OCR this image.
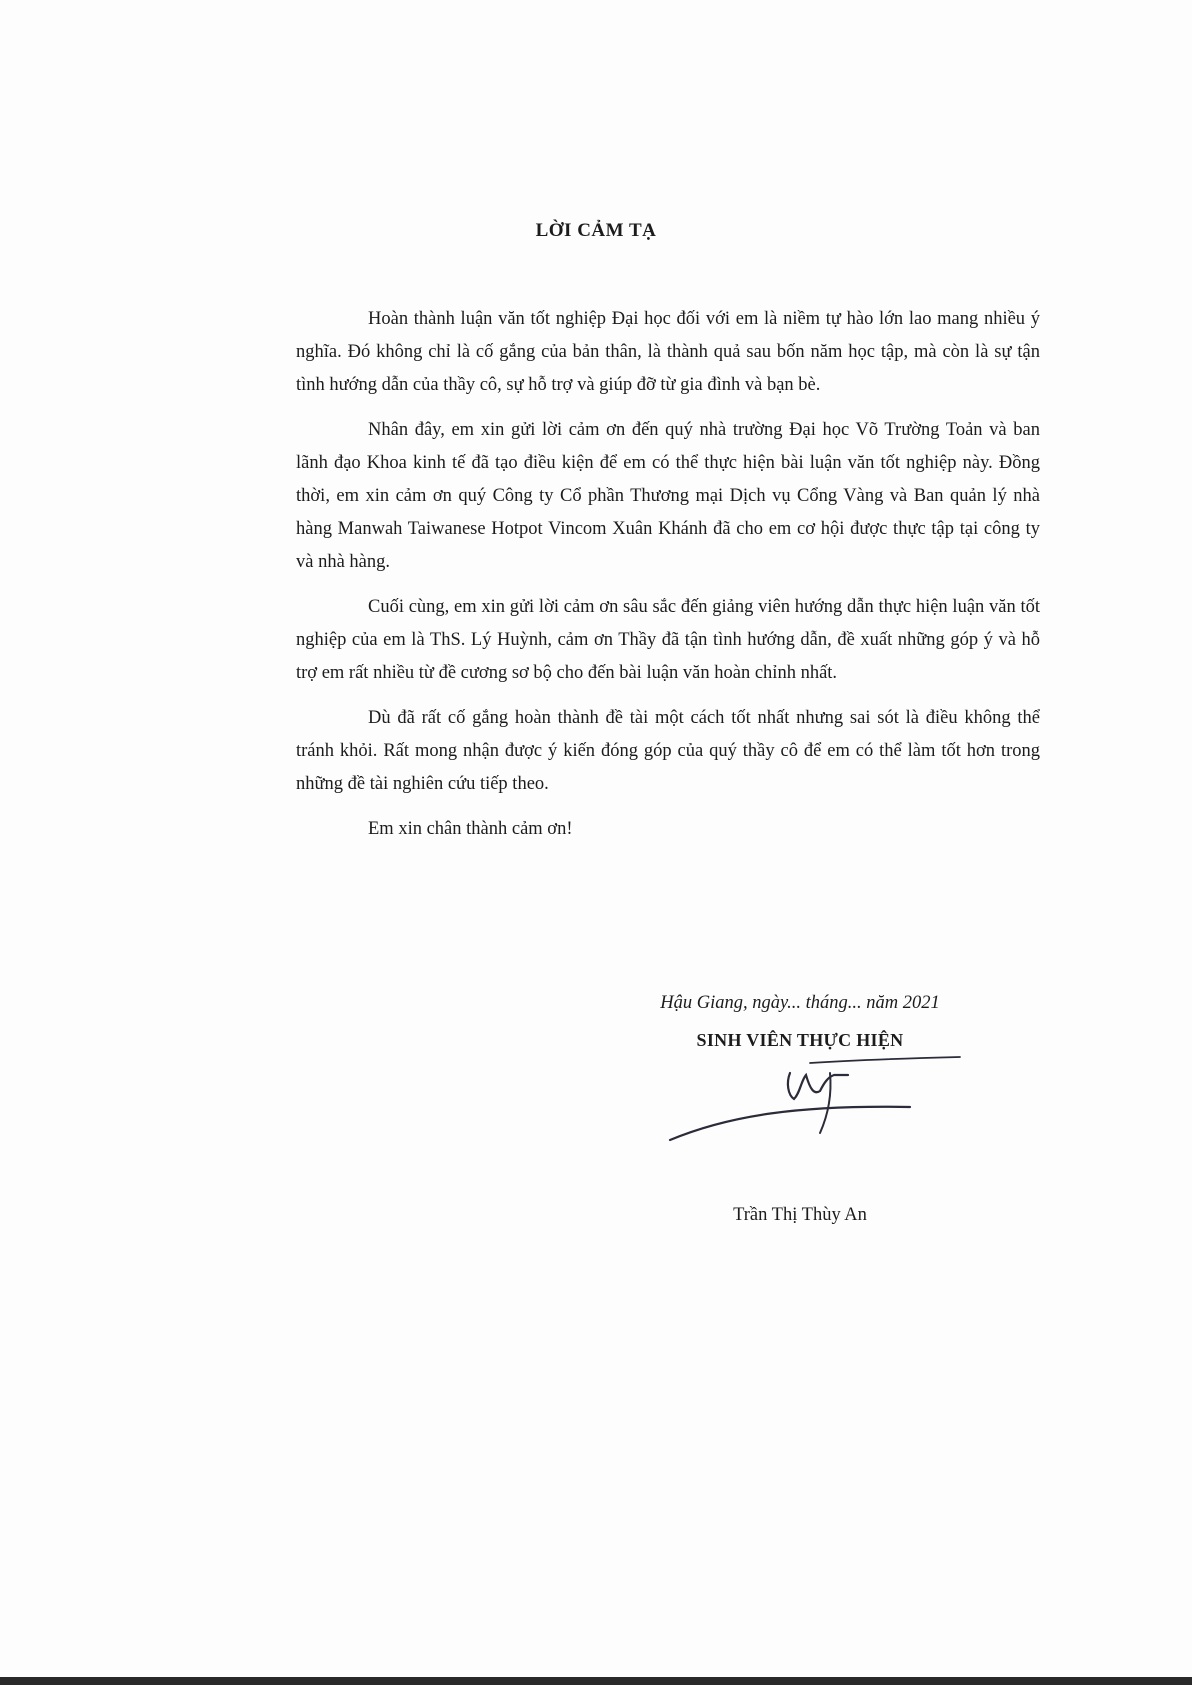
LỜI CẢM TẠ

Hoàn thành luận văn tốt nghiệp Đại học đối với em là niềm tự hào lớn lao mang nhiều ý nghĩa. Đó không chỉ là cố gắng của bản thân, là thành quả sau bốn năm học tập, mà còn là sự tận tình hướng dẫn của thầy cô, sự hỗ trợ và giúp đỡ từ gia đình và bạn bè.

Nhân đây, em xin gửi lời cảm ơn đến quý nhà trường Đại học Võ Trường Toản và ban lãnh đạo Khoa kinh tế đã tạo điều kiện để em có thể thực hiện bài luận văn tốt nghiệp này. Đồng thời, em xin cảm ơn quý Công ty Cổ phần Thương mại Dịch vụ Cổng Vàng và Ban quản lý nhà hàng Manwah Taiwanese Hotpot Vincom Xuân Khánh đã cho em cơ hội được thực tập tại công ty và nhà hàng.

Cuối cùng, em xin gửi lời cảm ơn sâu sắc đến giảng viên hướng dẫn thực hiện luận văn tốt nghiệp của em là ThS. Lý Huỳnh, cảm ơn Thầy đã tận tình hướng dẫn, đề xuất những góp ý và hỗ trợ em rất nhiều từ đề cương sơ bộ cho đến bài luận văn hoàn chỉnh nhất.

Dù đã rất cố gắng hoàn thành đề tài một cách tốt nhất nhưng sai sót là điều không thể tránh khỏi. Rất mong nhận được ý kiến đóng góp của quý thầy cô để em có thể làm tốt hơn trong những đề tài nghiên cứu tiếp theo.

Em xin chân thành cảm ơn!

Hậu Giang, ngày... tháng... năm 2021
SINH VIÊN THỰC HIỆN
Trần Thị Thùy An
